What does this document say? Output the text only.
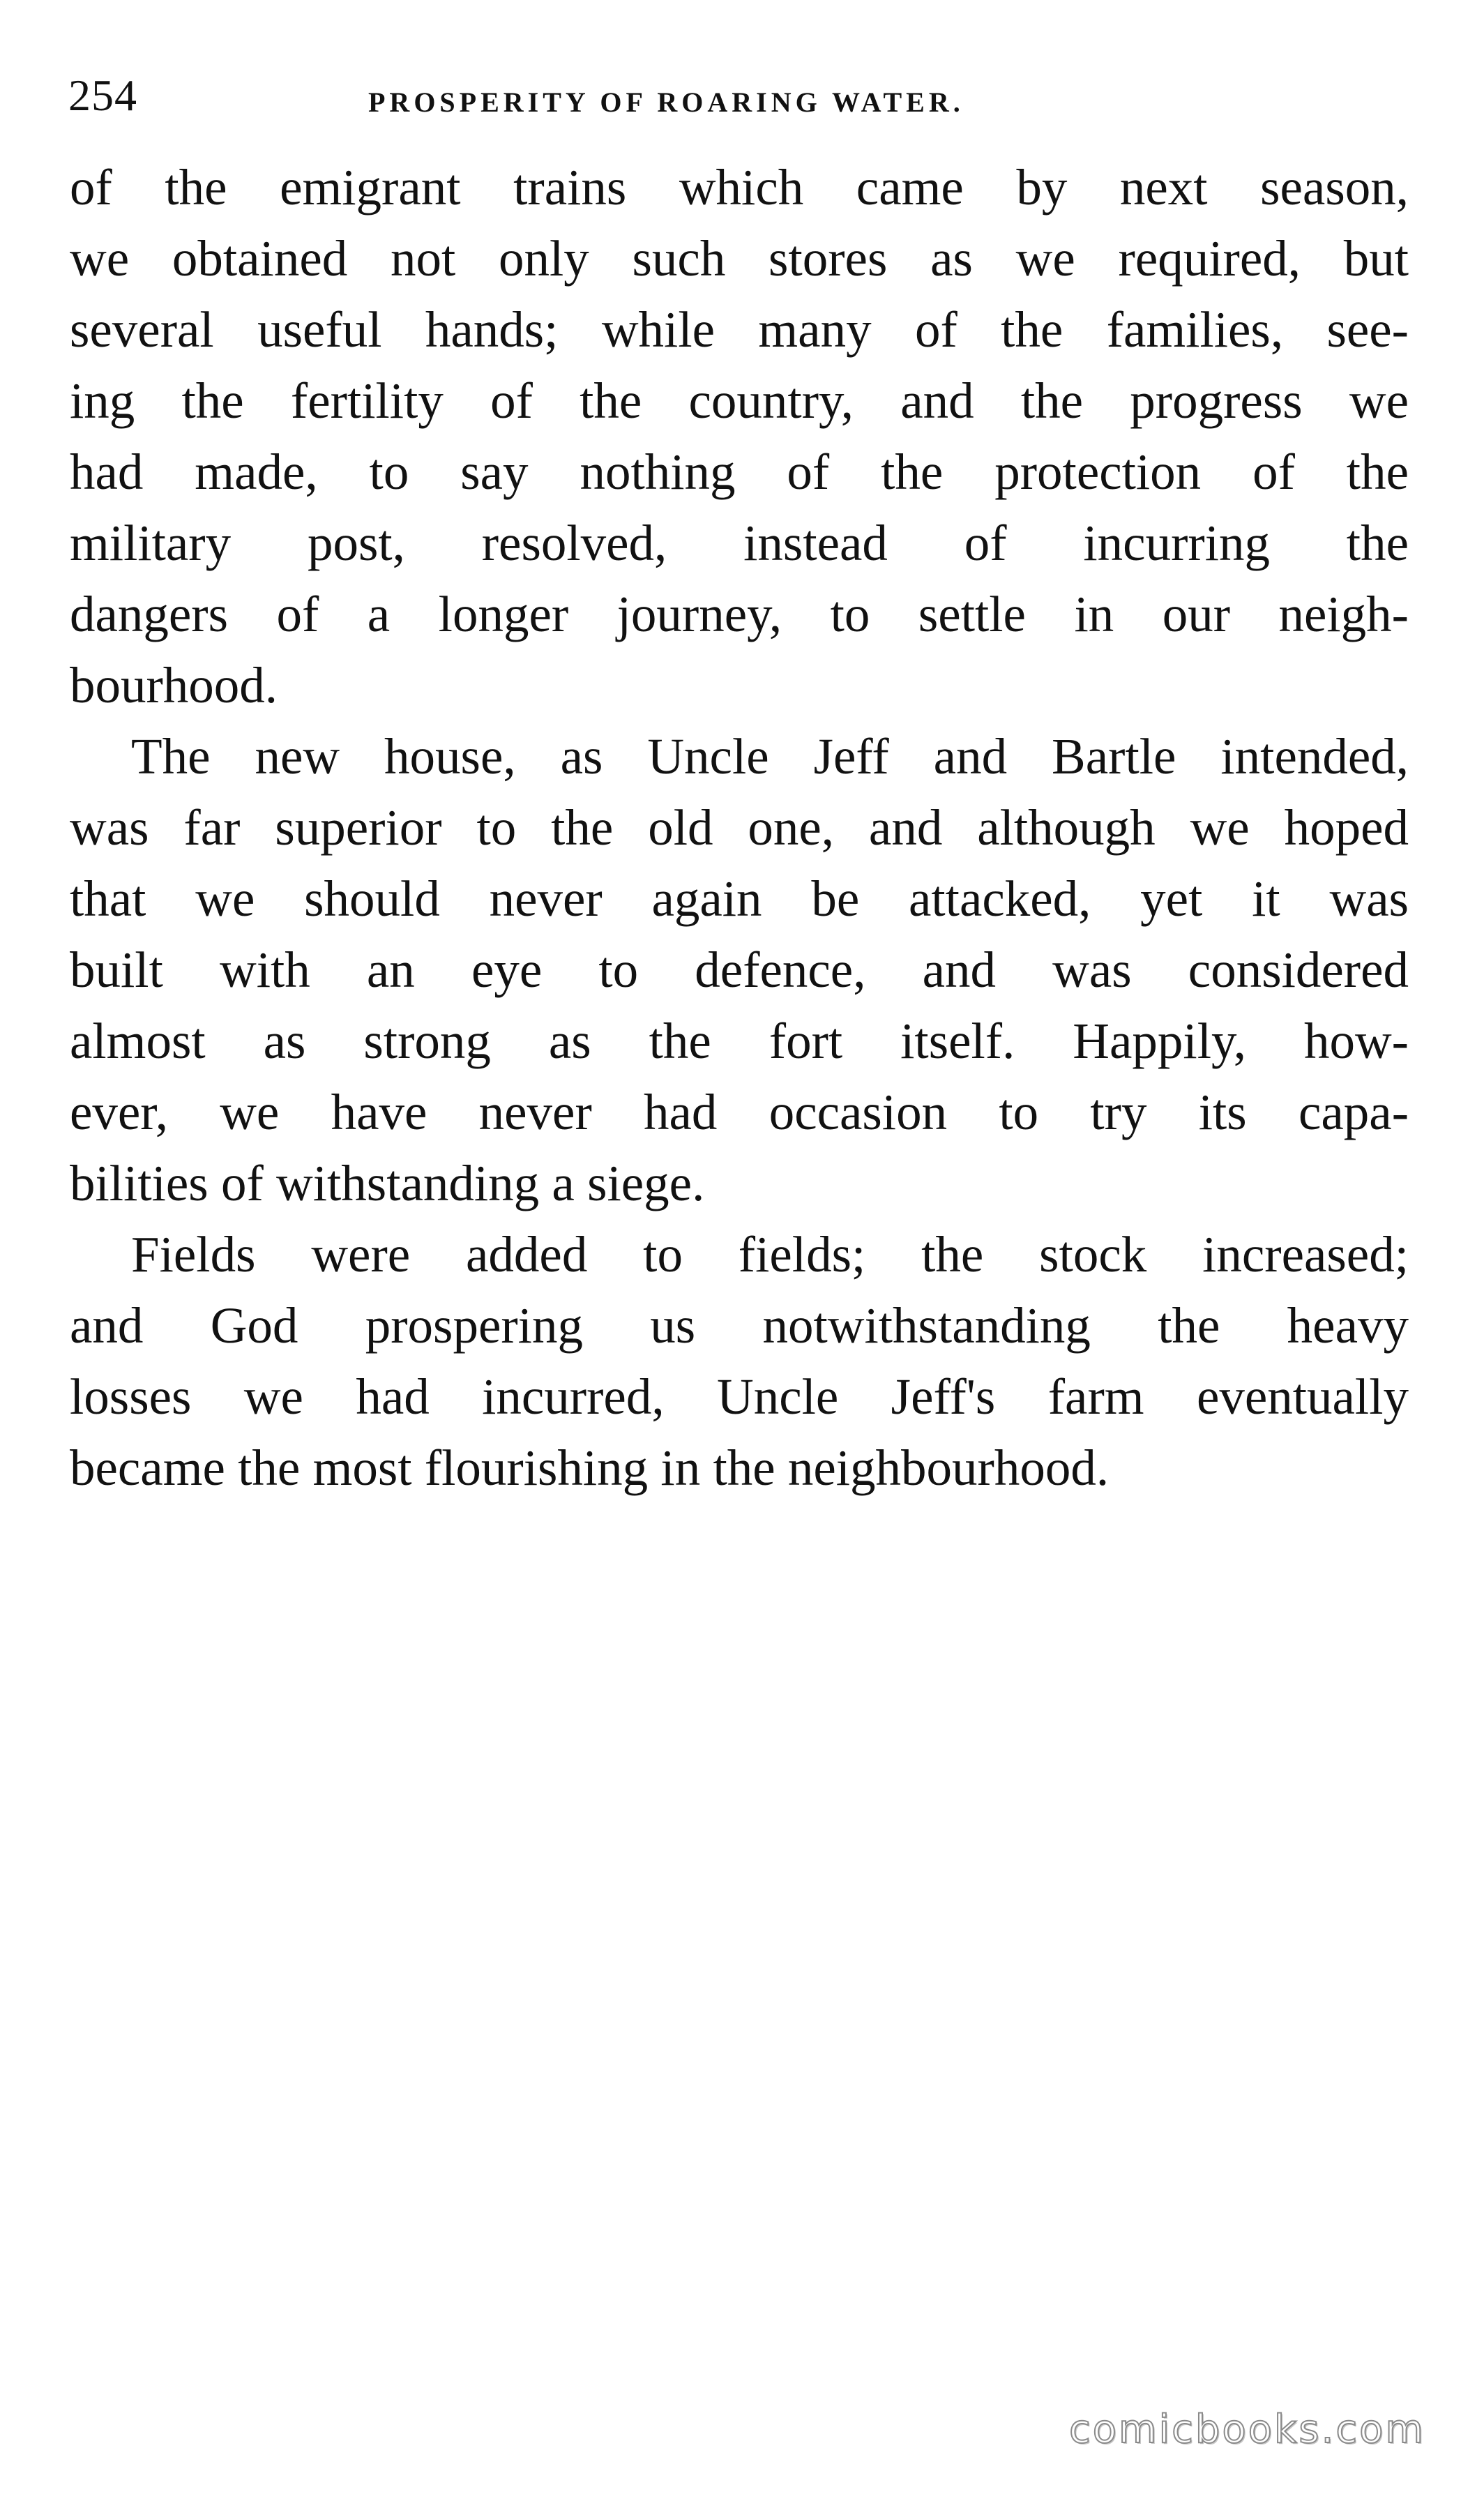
254	PROSPERITY OF ROARING WATER.
of the emigrant trains which came by next season,
we obtained not only such stores as we required, but
several useful hands; while many of the families, see-
ing the fertility of the country, and the progress we
had made, to say nothing of the protection of the
military post, resolved, instead of incurring the
dangers of a longer journey, to settle in our neigh-
bourhood.
The new house, as Uncle Jeff and Bartle intended,
was far superior to the old one, and although we hoped
that we should never again be attacked, yet it was
built with an eye to defence, and was considered
almost as strong as the fort itself. Happily, how-
ever, we have never had occasion to try its capa-
bilities of withstanding a siege.
Fields were added to fields; the stock increased;
and God prospering us notwithstanding the heavy
losses we had incurred, Uncle Jeff's farm eventually
became the most flourishing in the neighbourhood.
comicbooks.com
